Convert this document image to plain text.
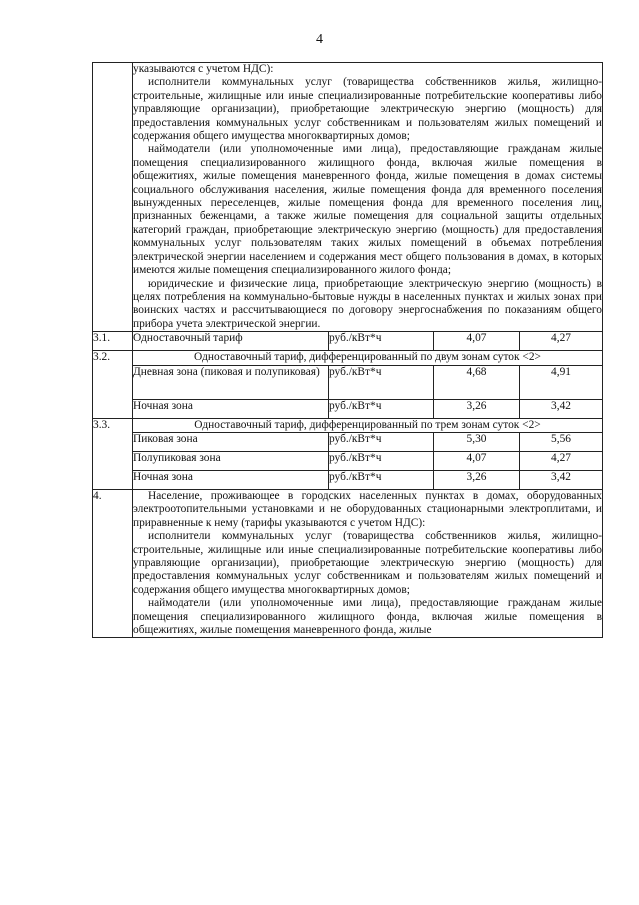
4

	указываются с учетом НДС):

исполнители коммунальных услуг (товарищества собственников жилья, жилищно-строительные, жилищные или иные специализированные потребительские кооперативы либо управляющие организации), приобретающие электрическую энергию (мощность) для предоставления коммунальных услуг собственникам и пользователям жилых помещений и содержания общего имущества многоквартирных домов;

наймодатели (или уполномоченные ими лица), предоставляющие гражданам жилые помещения специализированного жилищного фонда, включая жилые помещения в общежитиях, жилые помещения маневренного фонда, жилые помещения в домах системы социального обслуживания населения, жилые помещения фонда для временного поселения вынужденных переселенцев, жилые помещения фонда для временного поселения лиц, признанных беженцами, а также жилые помещения для социальной защиты отдельных категорий граждан, приобретающие электрическую энергию (мощность) для предоставления коммунальных услуг пользователям таких жилых помещений в объемах потребления электрической энергии населением и содержания мест общего пользования в домах, в которых имеются жилые помещения специализированного жилого фонда;

юридические и физические лица, приобретающие электрическую энергию (мощность) в целях потребления на коммунально-бытовые нужды в населенных пунктах и жилых зонах при воинских частях и рассчитывающиеся по договору энергоснабжения по показаниям общего прибора учета электрической энергии.			

3.1.	Одноставочный тариф	руб./кВт*ч	4,07	4,27
3.2.	Одноставочный тариф, дифференцированный по двум зонам суток <2>			
	Дневная зона (пиковая и полупиковая)	руб./кВт*ч	4,68	4,91
	Ночная зона	руб./кВт*ч	3,26	3,42
3.3.	Одноставочный тариф, дифференцированный по трем зонам суток <2>			
	Пиковая зона	руб./кВт*ч	5,30	5,56
	Полупиковая зона	руб./кВт*ч	4,07	4,27
	Ночная зона	руб./кВт*ч	3,26	3,42
4.	Население, проживающее в городских населенных пунктах в домах, оборудованных электроотопительными установками и не оборудованных стационарными электроплитами, и приравненные к нему (тарифы указываются с учетом НДС):

исполнители коммунальных услуг (товарищества собственников жилья, жилищно-строительные, жилищные или иные специализированные потребительские кооперативы либо управляющие организации), приобретающие электрическую энергию (мощность) для предоставления коммунальных услуг собственникам и пользователям жилых помещений и содержания общего имущества многоквартирных домов;

наймодатели (или уполномоченные ими лица), предоставляющие гражданам жилые помещения специализированного жилищного фонда, включая жилые помещения в общежитиях, жилые помещения маневренного фонда, жилые			
